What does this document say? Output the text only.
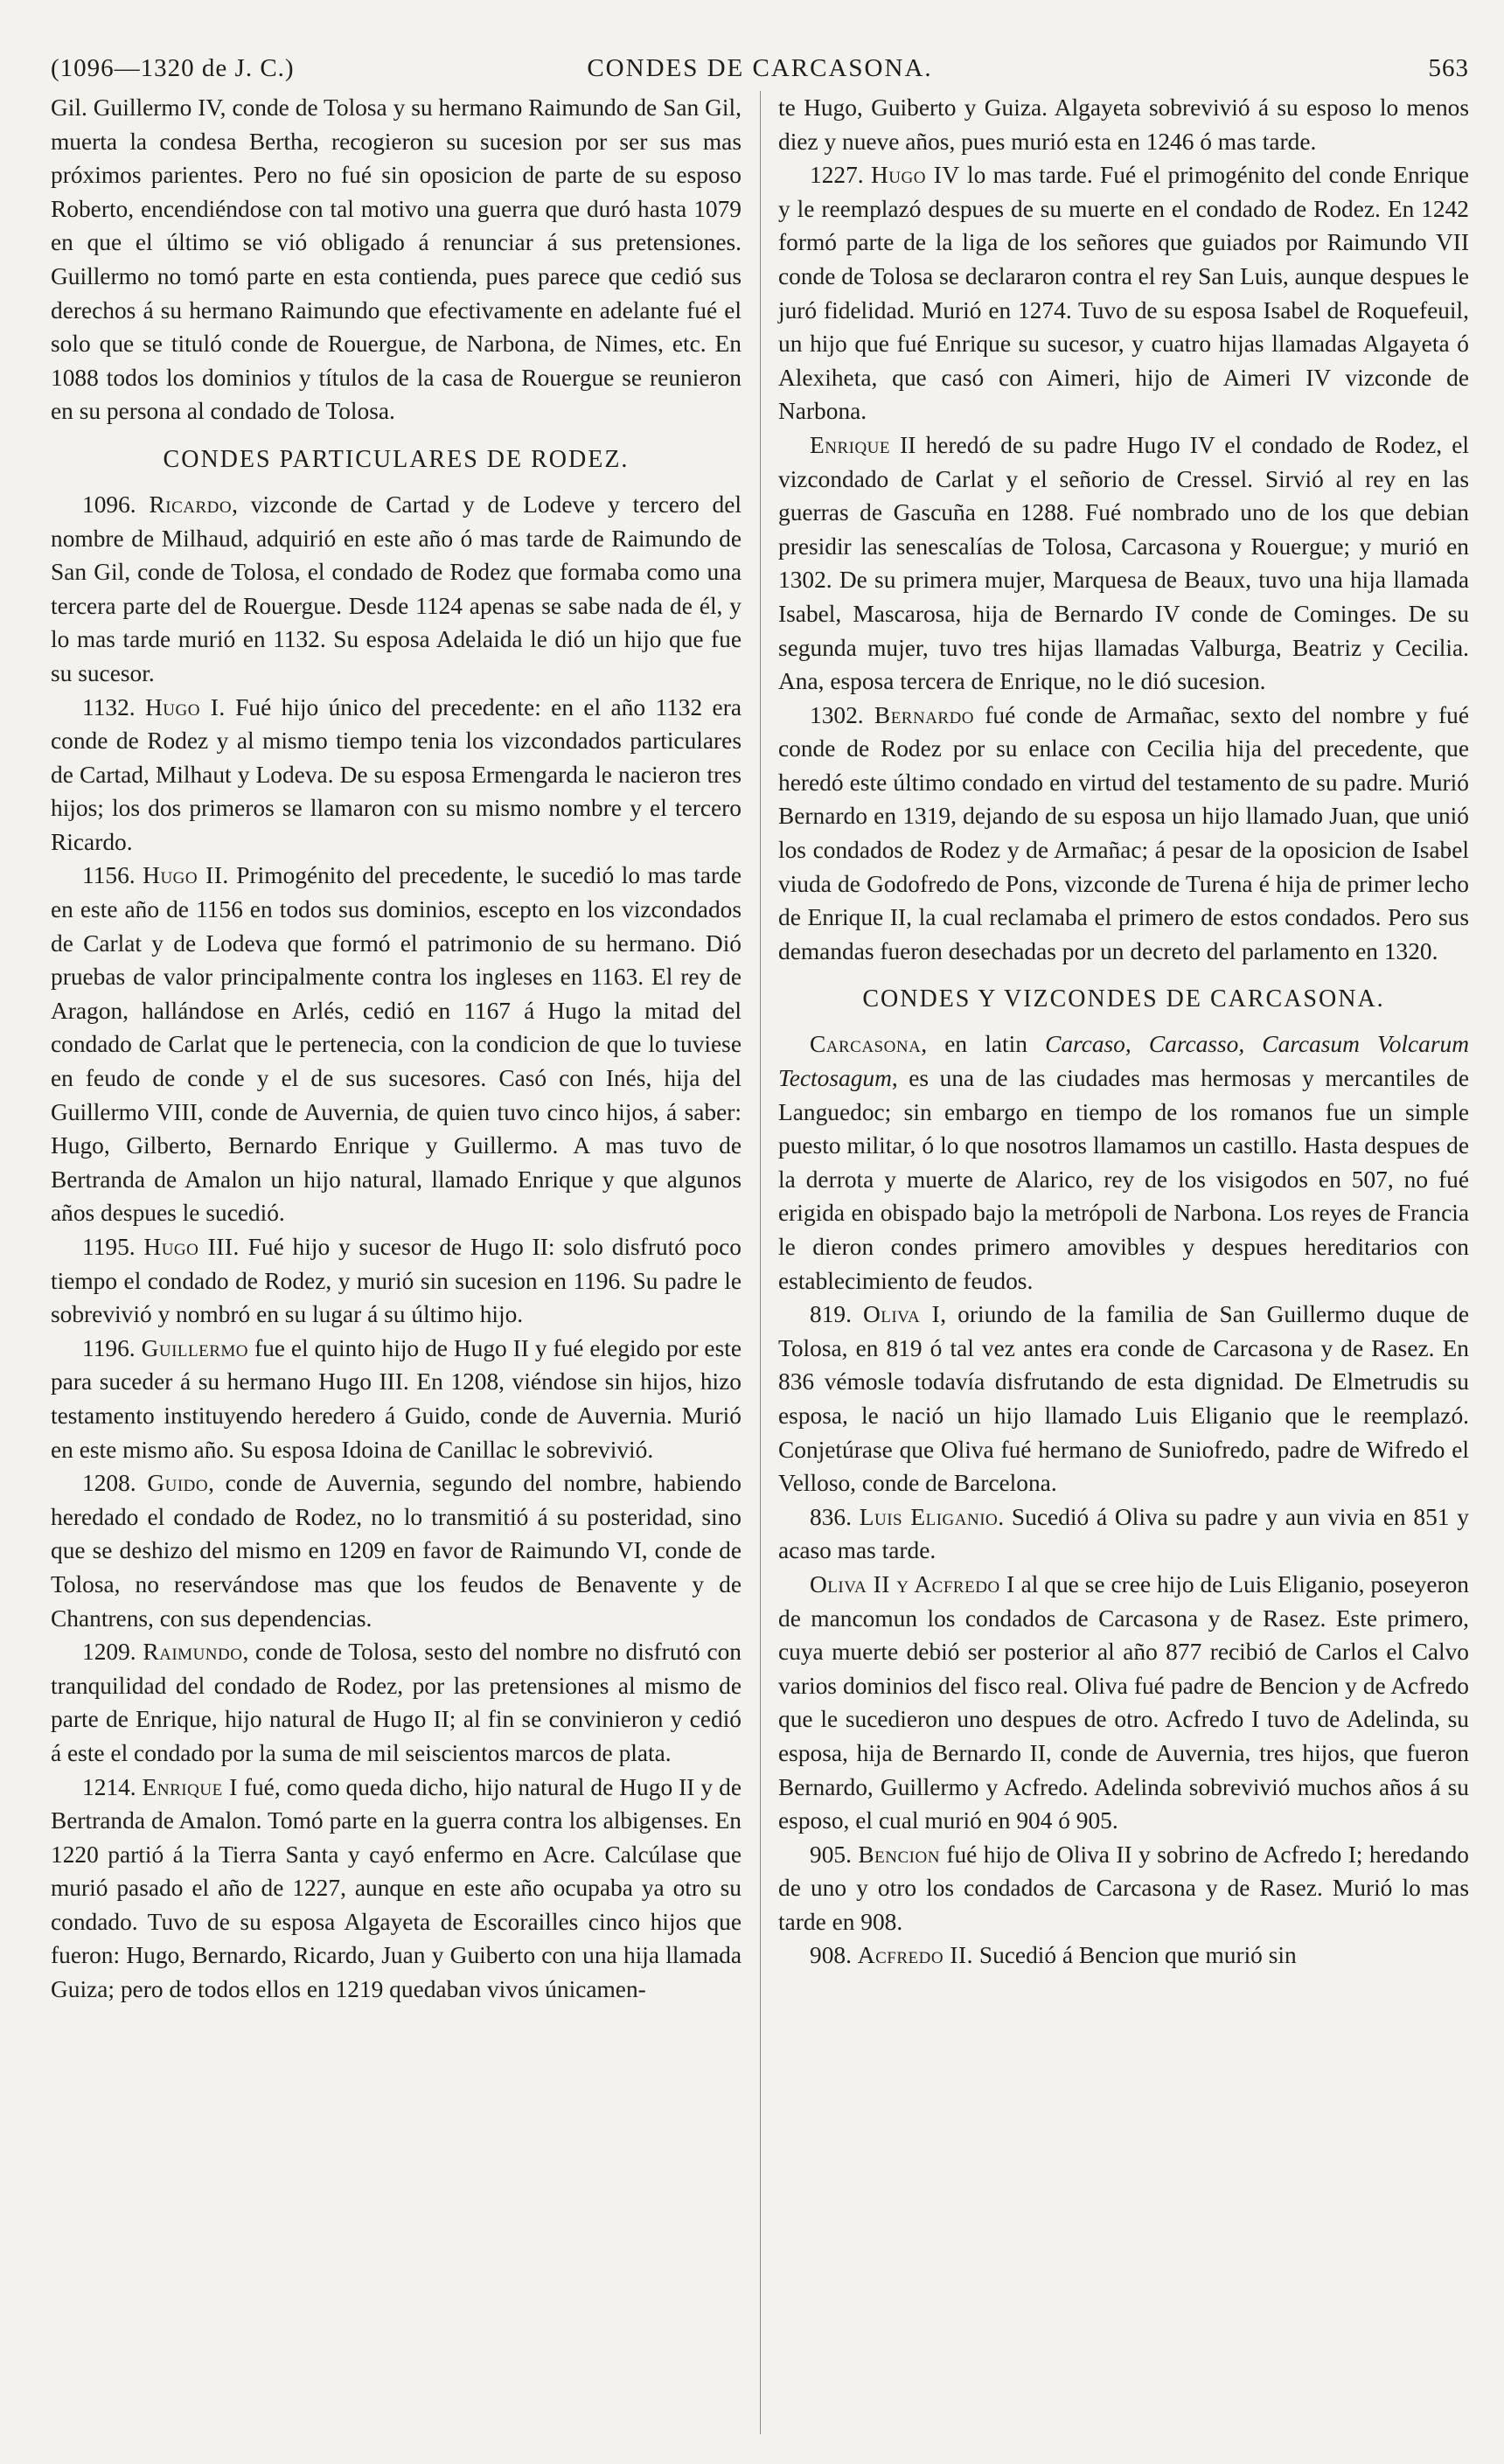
(1096—1320 de J. C.)	CONDES DE CARCASONA.	563

Gil. Guillermo IV, conde de Tolosa y su hermano Raimundo de San Gil, muerta la condesa Bertha, recogieron su sucesion por ser sus mas próximos parientes. Pero no fué sin oposicion de parte de su esposo Roberto, encendiéndose con tal motivo una guerra que duró hasta 1079 en que el último se vió obligado á renunciar á sus pretensiones. Guillermo no tomó parte en esta contienda, pues parece que cedió sus derechos á su hermano Raimundo que efectivamente en adelante fué el solo que se tituló conde de Rouergue, de Narbona, de Nimes, etc. En 1088 todos los dominios y títulos de la casa de Rouergue se reunieron en su persona al condado de Tolosa.

CONDES PARTICULARES DE RODEZ.

1096. Ricardo, vizconde de Cartad y de Lodeve y tercero del nombre de Milhaud, adquirió en este año ó mas tarde de Raimundo de San Gil, conde de Tolosa, el condado de Rodez que formaba como una tercera parte del de Rouergue. Desde 1124 apenas se sabe nada de él, y lo mas tarde murió en 1132. Su esposa Adelaida le dió un hijo que fue su sucesor.

1132. Hugo I. Fué hijo único del precedente: en el año 1132 era conde de Rodez y al mismo tiempo tenia los vizcondados particulares de Cartad, Milhaut y Lodeva. De su esposa Ermengarda le nacieron tres hijos; los dos primeros se llamaron con su mismo nombre y el tercero Ricardo.

1156. Hugo II. Primogénito del precedente, le sucedió lo mas tarde en este año de 1156 en todos sus dominios, escepto en los vizcondados de Carlat y de Lodeva que formó el patrimonio de su hermano. Dió pruebas de valor principalmente contra los ingleses en 1163. El rey de Aragon, hallándose en Arlés, cedió en 1167 á Hugo la mitad del condado de Carlat que le pertenecia, con la condicion de que lo tuviese en feudo de conde y el de sus sucesores. Casó con Inés, hija del Guillermo VIII, conde de Auvernia, de quien tuvo cinco hijos, á saber: Hugo, Gilberto, Bernardo Enrique y Guillermo. A mas tuvo de Bertranda de Amalon un hijo natural, llamado Enrique y que algunos años despues le sucedió.

1195. Hugo III. Fué hijo y sucesor de Hugo II: solo disfrutó poco tiempo el condado de Rodez, y murió sin sucesion en 1196. Su padre le sobrevivió y nombró en su lugar á su último hijo.

1196. Guillermo fue el quinto hijo de Hugo II y fué elegido por este para suceder á su hermano Hugo III. En 1208, viéndose sin hijos, hizo testamento instituyendo heredero á Guido, conde de Auvernia. Murió en este mismo año. Su esposa Idoina de Canillac le sobrevivió.

1208. Guido, conde de Auvernia, segundo del nombre, habiendo heredado el condado de Rodez, no lo transmitió á su posteridad, sino que se deshizo del mismo en 1209 en favor de Raimundo VI, conde de Tolosa, no reservándose mas que los feudos de Benavente y de Chantrens, con sus dependencias.

1209. Raimundo, conde de Tolosa, sesto del nombre no disfrutó con tranquilidad del condado de Rodez, por las pretensiones al mismo de parte de Enrique, hijo natural de Hugo II; al fin se convinieron y cedió á este el condado por la suma de mil seiscientos marcos de plata.

1214. Enrique I fué, como queda dicho, hijo natural de Hugo II y de Bertranda de Amalon. Tomó parte en la guerra contra los albigenses. En 1220 partió á la Tierra Santa y cayó enfermo en Acre. Calcúlase que murió pasado el año de 1227, aunque en este año ocupaba ya otro su condado. Tuvo de su esposa Algayeta de Escorailles cinco hijos que fueron: Hugo, Bernardo, Ricardo, Juan y Guiberto con una hija llamada Guiza; pero de todos ellos en 1219 quedaban vivos únicamen-

te Hugo, Guiberto y Guiza. Algayeta sobrevivió á su esposo lo menos diez y nueve años, pues murió esta en 1246 ó mas tarde.

1227. Hugo IV lo mas tarde. Fué el primogénito del conde Enrique y le reemplazó despues de su muerte en el condado de Rodez. En 1242 formó parte de la liga de los señores que guiados por Raimundo VII conde de Tolosa se declararon contra el rey San Luis, aunque despues le juró fidelidad. Murió en 1274. Tuvo de su esposa Isabel de Roquefeuil, un hijo que fué Enrique su sucesor, y cuatro hijas llamadas Algayeta ó Alexiheta, que casó con Aimeri, hijo de Aimeri IV vizconde de Narbona.

Enrique II heredó de su padre Hugo IV el condado de Rodez, el vizcondado de Carlat y el señorio de Cressel. Sirvió al rey en las guerras de Gascuña en 1288. Fué nombrado uno de los que debian presidir las senescalías de Tolosa, Carcasona y Rouergue; y murió en 1302. De su primera mujer, Marquesa de Beaux, tuvo una hija llamada Isabel, Mascarosa, hija de Bernardo IV conde de Cominges. De su segunda mujer, tuvo tres hijas llamadas Valburga, Beatriz y Cecilia. Ana, esposa tercera de Enrique, no le dió sucesion.

1302. Bernardo fué conde de Armañac, sexto del nombre y fué conde de Rodez por su enlace con Cecilia hija del precedente, que heredó este último condado en virtud del testamento de su padre. Murió Bernardo en 1319, dejando de su esposa un hijo llamado Juan, que unió los condados de Rodez y de Armañac; á pesar de la oposicion de Isabel viuda de Godofredo de Pons, vizconde de Turena é hija de primer lecho de Enrique II, la cual reclamaba el primero de estos condados. Pero sus demandas fueron desechadas por un decreto del parlamento en 1320.

CONDES Y VIZCONDES DE CARCASONA.

Carcasona, en latin Carcaso, Carcasso, Carcasum Volcarum Tectosagum, es una de las ciudades mas hermosas y mercantiles de Languedoc; sin embargo en tiempo de los romanos fue un simple puesto militar, ó lo que nosotros llamamos un castillo. Hasta despues de la derrota y muerte de Alarico, rey de los visigodos en 507, no fué erigida en obispado bajo la metrópoli de Narbona. Los reyes de Francia le dieron condes primero amovibles y despues hereditarios con establecimiento de feudos.

819. Oliva I, oriundo de la familia de San Guillermo duque de Tolosa, en 819 ó tal vez antes era conde de Carcasona y de Rasez. En 836 vémosle todavía disfrutando de esta dignidad. De Elmetrudis su esposa, le nació un hijo llamado Luis Eliganio que le reemplazó. Conjetúrase que Oliva fué hermano de Suniofredo, padre de Wifredo el Velloso, conde de Barcelona.

836. Luis Eliganio. Sucedió á Oliva su padre y aun vivia en 851 y acaso mas tarde.

Oliva II y Acfredo I al que se cree hijo de Luis Eliganio, poseyeron de mancomun los condados de Carcasona y de Rasez. Este primero, cuya muerte debió ser posterior al año 877 recibió de Carlos el Calvo varios dominios del fisco real. Oliva fué padre de Bencion y de Acfredo que le sucedieron uno despues de otro. Acfredo I tuvo de Adelinda, su esposa, hija de Bernardo II, conde de Auvernia, tres hijos, que fueron Bernardo, Guillermo y Acfredo. Adelinda sobrevivió muchos años á su esposo, el cual murió en 904 ó 905.

905. Bencion fué hijo de Oliva II y sobrino de Acfredo I; heredando de uno y otro los condados de Carcasona y de Rasez. Murió lo mas tarde en 908.

908. Acfredo II. Sucedió á Bencion que murió sin
